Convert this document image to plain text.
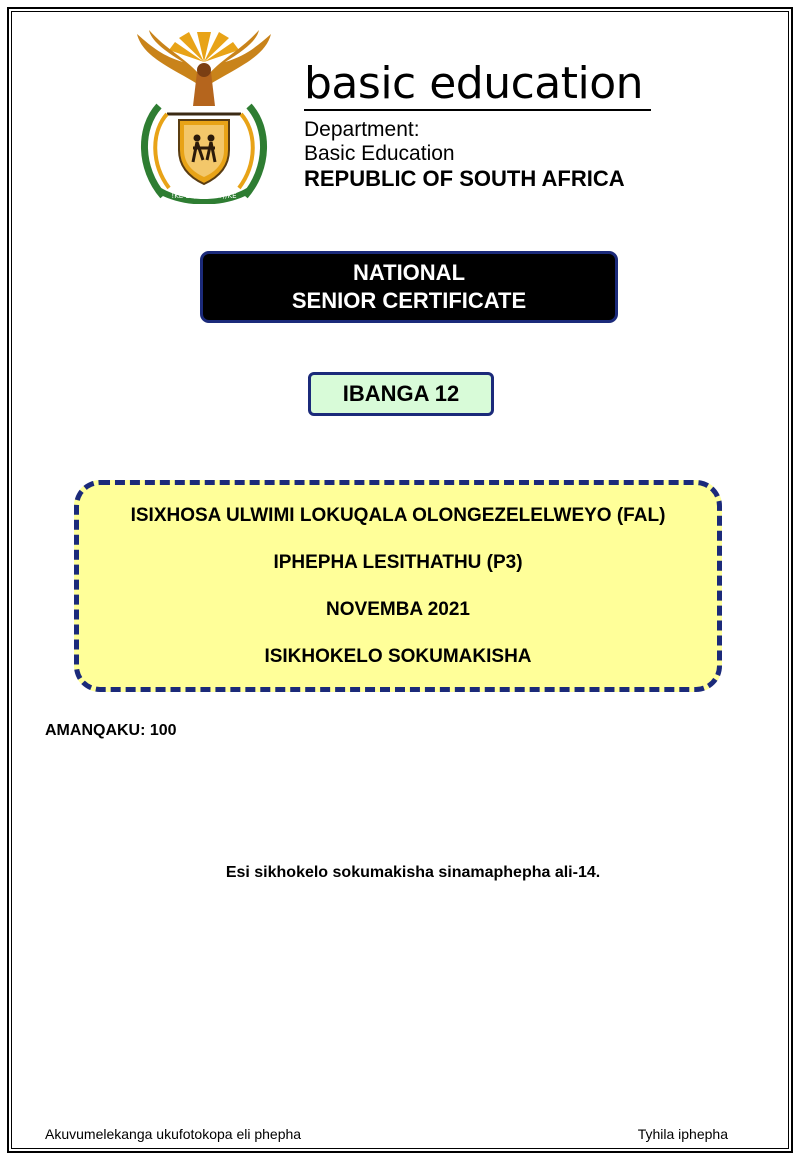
!KE E: /XARRA //KE
basic education
Department:
Basic Education
REPUBLIC OF SOUTH AFRICA
NATIONAL
SENIOR CERTIFICATE
IBANGA 12
ISIXHOSA ULWIMI LOKUQALA OLONGEZELELWEYO (FAL)
IPHEPHA LESITHATHU (P3)
NOVEMBA 2021
ISIKHOKELO SOKUMAKISHA
AMANQAKU: 100
Esi sikhokelo sokumakisha sinamaphepha ali-14.
Akuvumelekanga ukufotokopa eli phepha	Tyhila iphepha
